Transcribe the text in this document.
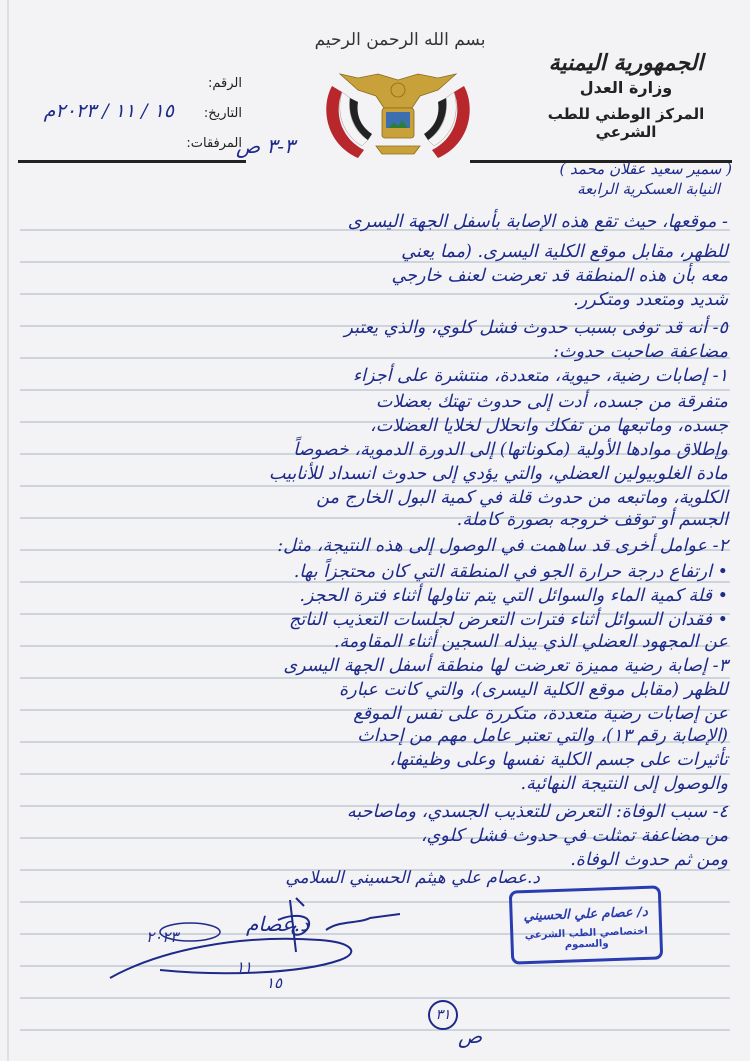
الجمهورية اليمنية
وزارة العدل
المركز الوطني للطب الشرعي
بسم الله الرحمن الرحيم
الرقم:
التاريخ:
١٥ / ١١ / ٢٠٢٣م
المرفقات:
٣-٣ ص
( سمير سعيد عقلان محمد )
النيابة العسكرية الرابعة
- موقعها، حيث تقع هذه الإصابة بأسفل الجهة اليسرى
للظهر، مقابل موقع الكلية اليسرى. (مما يعني
معه بأن هذه المنطقة قد تعرضت لعنف خارجي
شديد ومتعدد ومتكرر.
٥- أنه قد توفى بسبب حدوث فشل كلوي، والذي يعتبر
مضاعفة صاحبت حدوث:
١- إصابات رضية، حيوية، متعددة، منتشرة على أجزاء
متفرقة من جسده، أدت إلى حدوث تهتك بعضلات
جسده، وماتبعها من تفكك وانحلال لخلايا العضلات،
وإطلاق موادها الأولية (مكوناتها) إلى الدورة الدموية، خصوصاً
مادة الغلوبيولين العضلي، والتي يؤدي إلى حدوث انسداد للأنابيب
الكلوية، وماتبعه من حدوث قلة في كمية البول الخارج من
الجسم أو توقف خروجه بصورة كاملة.
٢- عوامل أخرى قد ساهمت في الوصول إلى هذه النتيجة، مثل:
• ارتفاع درجة حرارة الجو في المنطقة التي كان محتجزاً بها.
• قلة كمية الماء والسوائل التي يتم تناولها أثناء فترة الحجز.
• فقدان السوائل أثناء فترات التعرض لجلسات التعذيب الناتج
عن المجهود العضلي الذي يبذله السجين أثناء المقاومة.
٣- إصابة رضية مميزة تعرضت لها منطقة أسفل الجهة اليسرى
للظهر (مقابل موقع الكلية اليسرى)، والتي كانت عبارة
عن إصابات رضية متعددة، متكررة على نفس الموقع
(الإصابة رقم ١٣)، والتي تعتبر عامل مهم من إحداث
تأثيرات على جسم الكلية نفسها وعلى وظيفتها،
والوصول إلى النتيجة النهائية.
٤- سبب الوفاة: التعرض للتعذيب الجسدي، وماصاحبه
من مضاعفة تمثلت في حدوث فشل كلوي،
ومن ثم حدوث الوفاة.
د.عصام علي هيثم الحسيني السلامي
د.عصام
٢٠٢٣
١١
١٥
د/ عصام علي الحسيني
اختصاصي الطب الشرعي والسموم
٣١
ص
